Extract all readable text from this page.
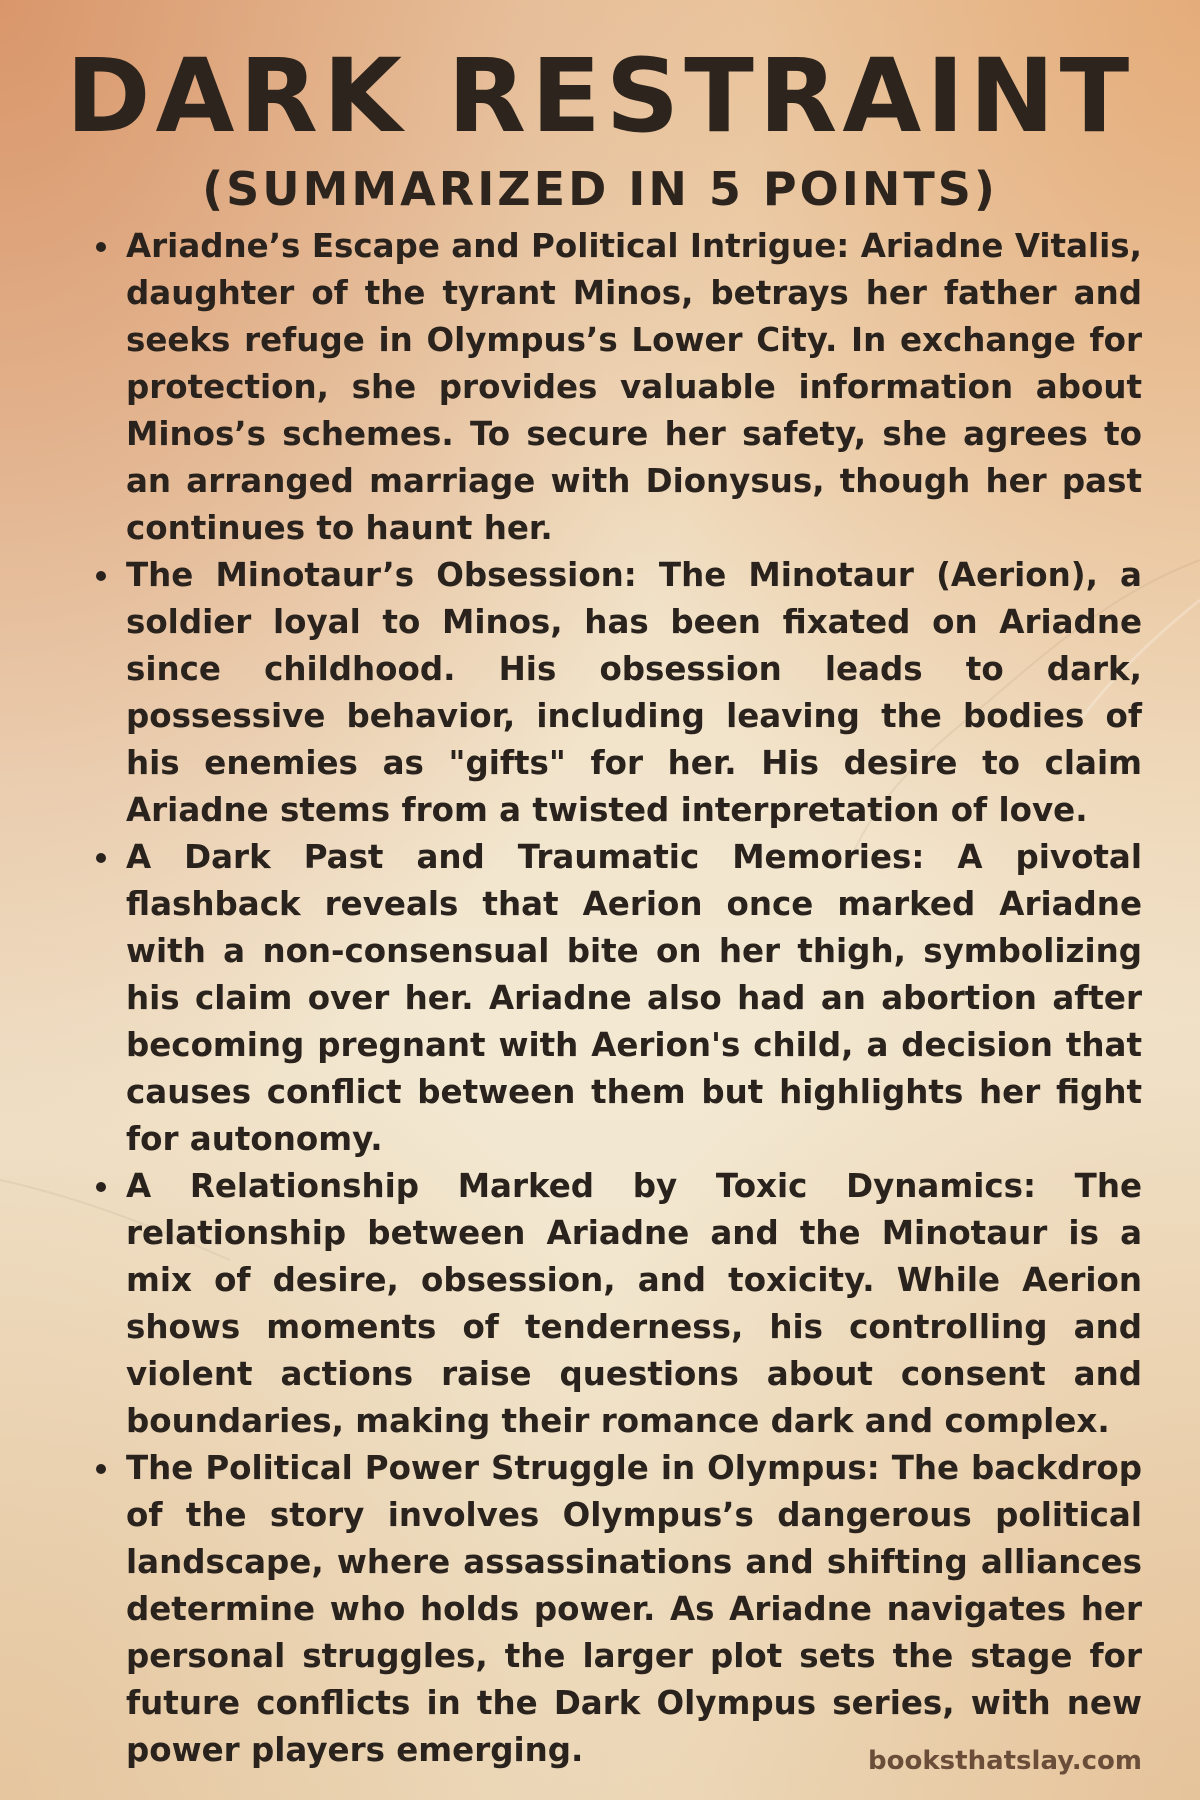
DARK RESTRAINT
(SUMMARIZED IN 5 POINTS)
Ariadne’s Escape and Political Intrigue: Ariadne Vitalis, daughter of the tyrant Minos, betrays her father and seeks refuge in Olympus’s Lower City. In exchange for protection, she provides valuable information about Minos’s schemes. To secure her safety, she agrees to an arranged marriage with Dionysus, though her past continues to haunt her.
The Minotaur’s Obsession: The Minotaur (Aerion), a soldier loyal to Minos, has been fixated on Ariadne since childhood. His obsession leads to dark, possessive behavior, including leaving the bodies of his enemies as "gifts" for her. His desire to claim Ariadne stems from a twisted interpretation of love.
A Dark Past and Traumatic Memories: A pivotal flashback reveals that Aerion once marked Ariadne with a non-consensual bite on her thigh, symbolizing his claim over her. Ariadne also had an abortion after becoming pregnant with Aerion's child, a decision that causes conflict between them but highlights her fight for autonomy.
A Relationship Marked by Toxic Dynamics: The relationship between Ariadne and the Minotaur is a mix of desire, obsession, and toxicity. While Aerion shows moments of tenderness, his controlling and violent actions raise questions about consent and boundaries, making their romance dark and complex.
The Political Power Struggle in Olympus: The backdrop of the story involves Olympus’s dangerous political landscape, where assassinations and shifting alliances determine who holds power. As Ariadne navigates her personal struggles, the larger plot sets the stage for future conflicts in the Dark Olympus series, with new power players emerging.	booksthatslay.com
